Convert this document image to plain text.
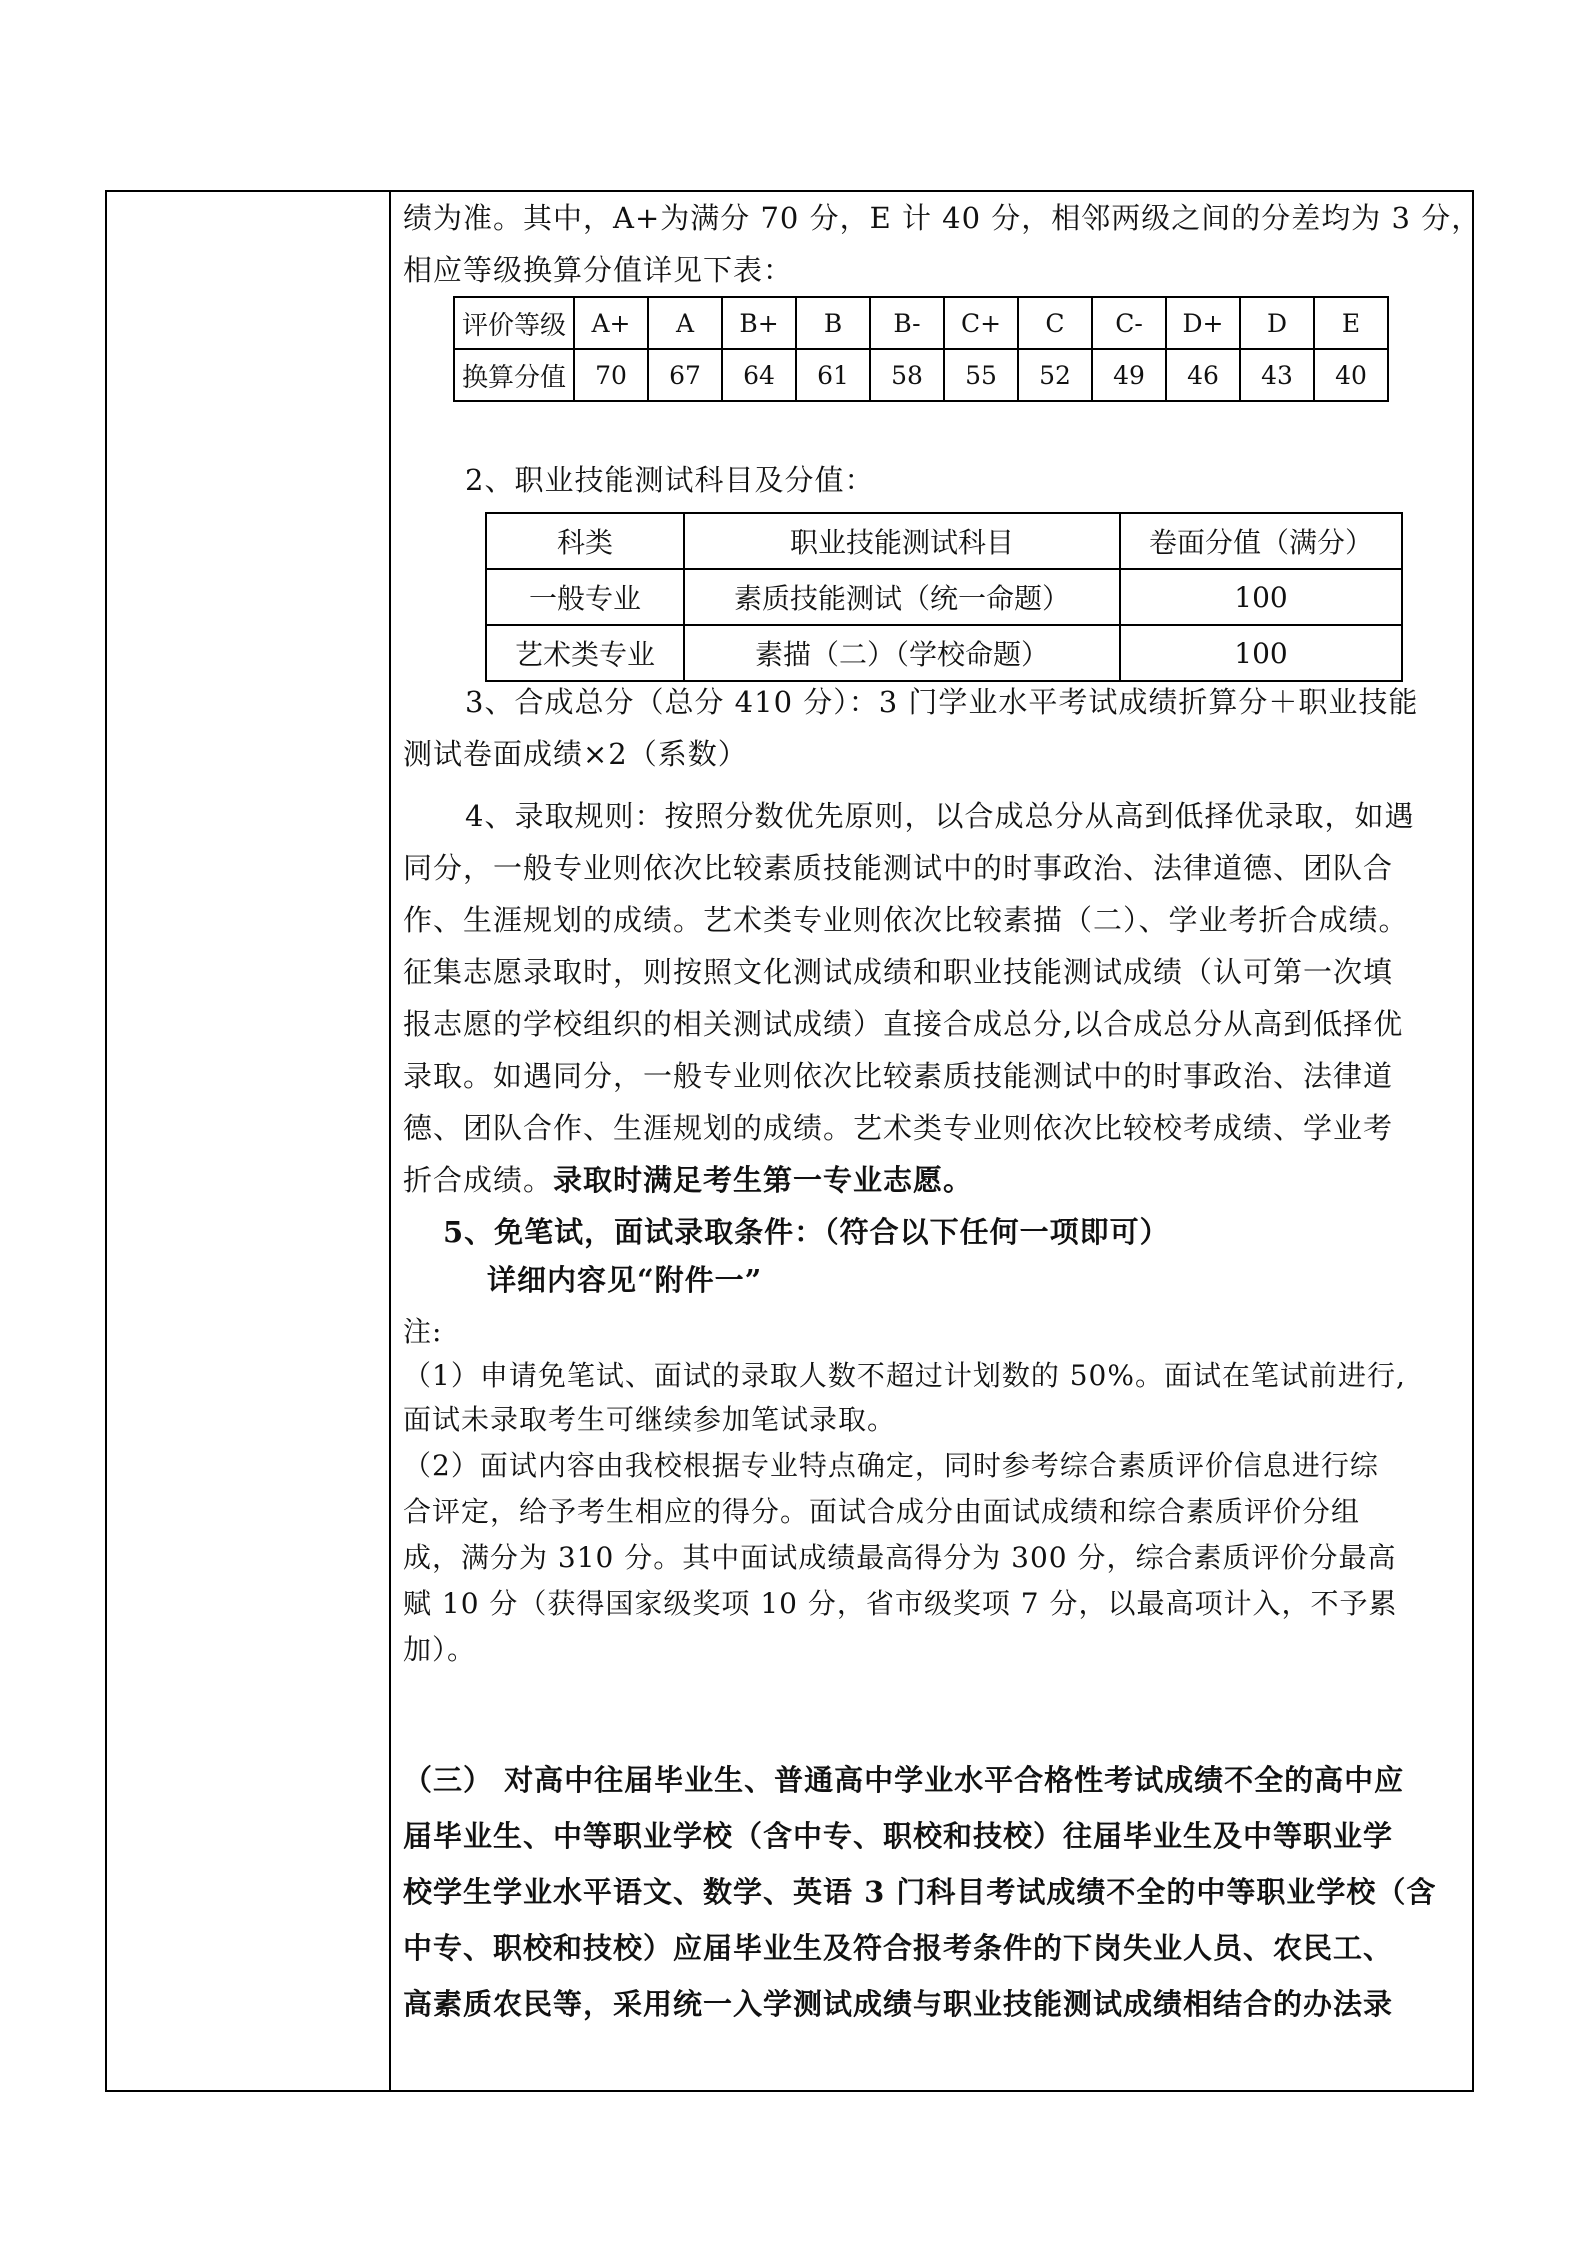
绩为准。其中，A+为满分 70 分，E 计 40 分，相邻两级之间的分差均为 3 分，
相应等级换算分值详见下表：
评价等级	A+	A	B+	B	B-	C+	C	C-	D+	D	E
换算分值	70	67	64	61	58	55	52	49	46	43	40
2、职业技能测试科目及分值：
科类	职业技能测试科目	卷面分值（满分）
一般专业	素质技能测试（统一命题）	100
艺术类专业	素描（二）（学校命题）	100
3、合成总分（总分 410 分）：3 门学业水平考试成绩折算分＋职业技能
测试卷面成绩×2（系数）
4、录取规则：按照分数优先原则，以合成总分从高到低择优录取，如遇
同分，一般专业则依次比较素质技能测试中的时事政治、法律道德、团队合
作、生涯规划的成绩。艺术类专业则依次比较素描（二）、学业考折合成绩。
征集志愿录取时，则按照文化测试成绩和职业技能测试成绩（认可第一次填
报志愿的学校组织的相关测试成绩）直接合成总分,以合成总分从高到低择优
录取。如遇同分，一般专业则依次比较素质技能测试中的时事政治、法律道
德、团队合作、生涯规划的成绩。艺术类专业则依次比较校考成绩、学业考
折合成绩。录取时满足考生第一专业志愿。
5、免笔试，面试录取条件：（符合以下任何一项即可）
详细内容见“附件一”
注:
（1）申请免笔试、面试的录取人数不超过计划数的 50%。面试在笔试前进行,
面试未录取考生可继续参加笔试录取。
（2）面试内容由我校根据专业特点确定，同时参考综合素质评价信息进行综
合评定，给予考生相应的得分。面试合成分由面试成绩和综合素质评价分组
成，满分为 310 分。其中面试成绩最高得分为 300 分，综合素质评价分最高
赋 10 分（获得国家级奖项 10 分，省市级奖项 7 分，以最高项计入，不予累
加）。
（三） 对高中往届毕业生、普通高中学业水平合格性考试成绩不全的高中应
届毕业生、中等职业学校（含中专、职校和技校）往届毕业生及中等职业学
校学生学业水平语文、数学、英语 3 门科目考试成绩不全的中等职业学校（含
中专、职校和技校）应届毕业生及符合报考条件的下岗失业人员、农民工、
高素质农民等，采用统一入学测试成绩与职业技能测试成绩相结合的办法录
